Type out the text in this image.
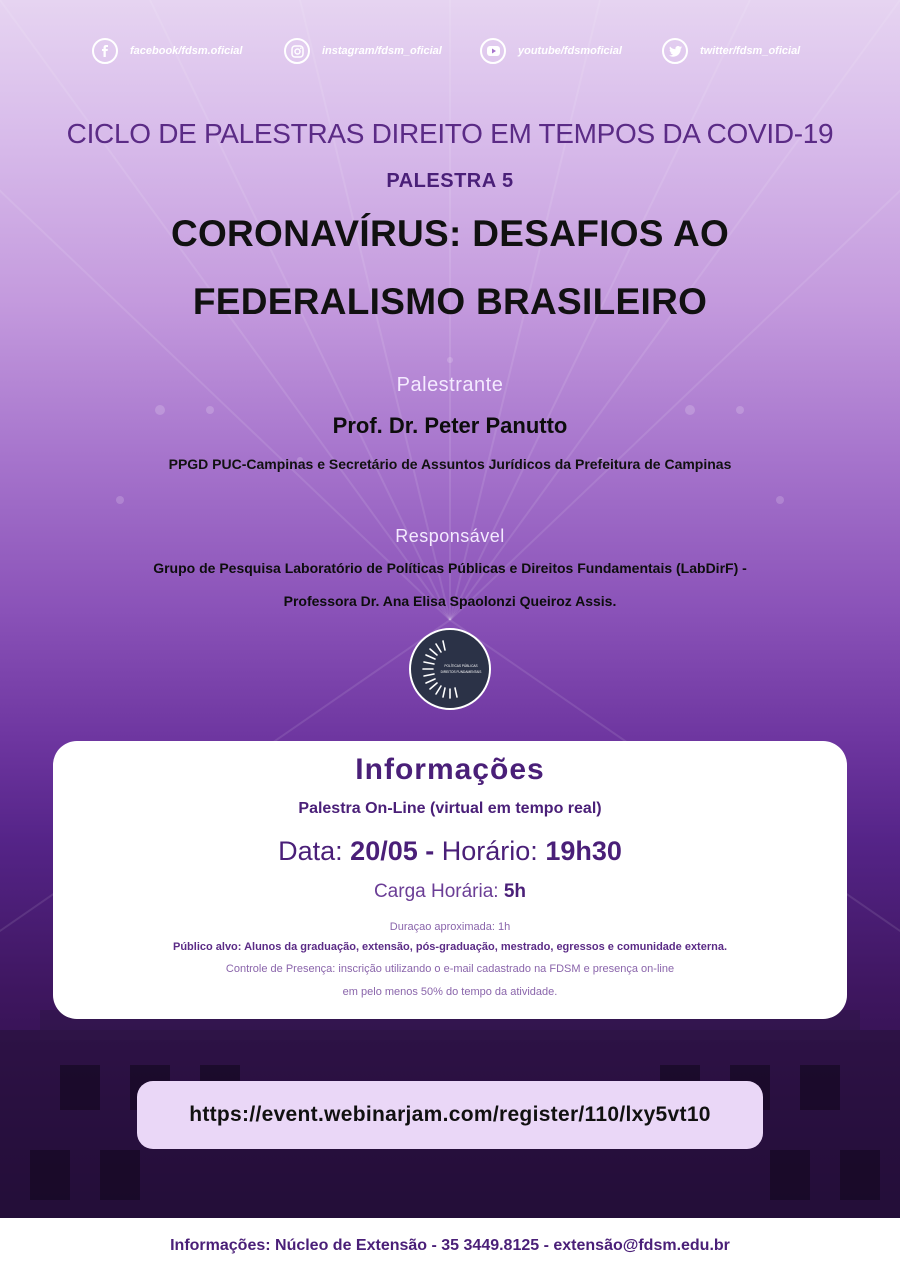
facebook/fdsm.oficial	instagram/fdsm_oficial	youtube/fdsmoficial	twitter/fdsm_oficial
CICLO DE PALESTRAS DIREITO EM TEMPOS DA COVID-19
PALESTRA 5
CORONAVÍRUS: DESAFIOS AO
FEDERALISMO BRASILEIRO
Palestrante
Prof. Dr. Peter Panutto
PPGD PUC-Campinas e Secretário de Assuntos Jurídicos da Prefeitura de Campinas
Responsável
Grupo de Pesquisa Laboratório de Políticas Públicas e Direitos Fundamentais (LabDirF) -
Professora Dr. Ana Elisa Spaolonzi Queiroz Assis.
POLÍTICAS PÚBLICAS
DIREITOS FUNDAMENTAIS
Informações
Palestra On-Line (virtual em tempo real)
Data: 20/05 - Horário: 19h30
Carga Horária: 5h
Duraçao aproximada: 1h
Público alvo: Alunos da graduação, extensão, pós-graduação, mestrado, egressos e comunidade externa.
Controle de Presença: inscrição utilizando o e-mail cadastrado na FDSM e presença on-line
em pelo menos 50% do tempo da atividade.
https://event.webinarjam.com/register/110/lxy5vt10
Informações: Núcleo de Extensão - 35 3449.8125 - extensão@fdsm.edu.br
